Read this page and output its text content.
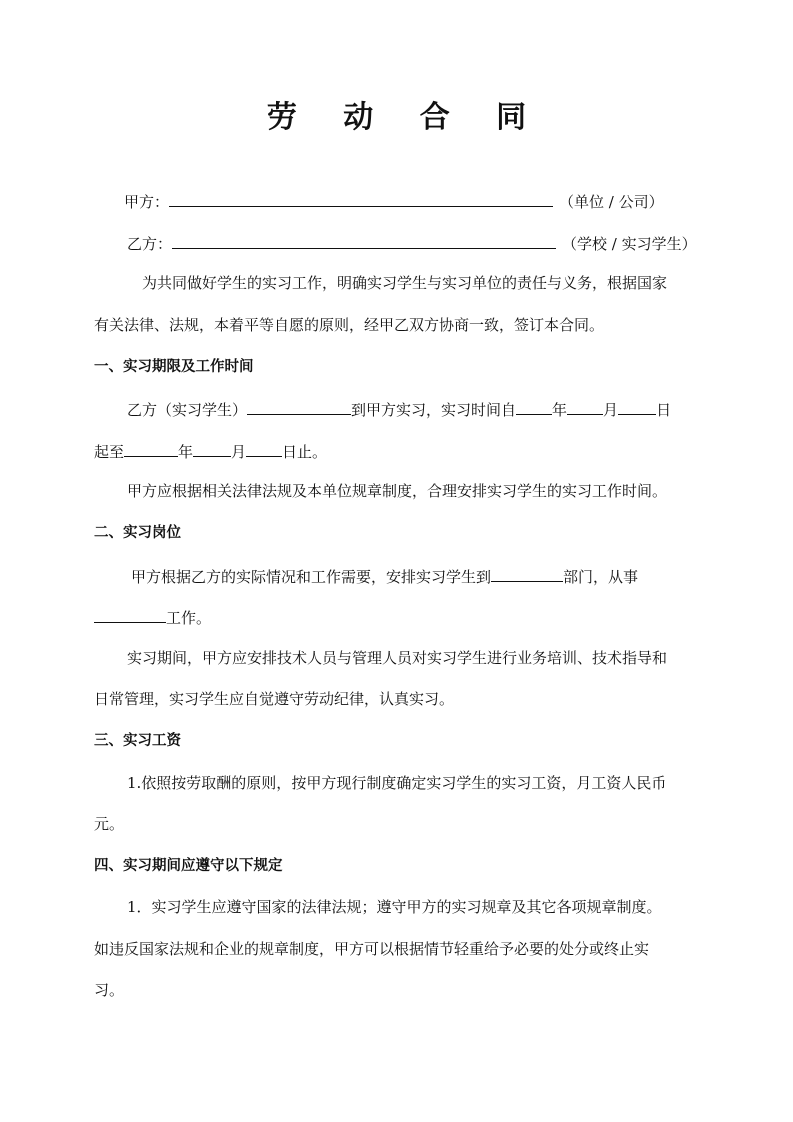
劳 动 合 同
甲方：	（单位 / 公司）
乙方：	（学校 / 实习学生）
为共同做好学生的实习工作，明确实习学生与实习单位的责任与义务，根据国家
有关法律、法规，本着平等自愿的原则，经甲乙双方协商一致，签订本合同。
一、实习期限及工作时间
乙方（实习学生）	到甲方实习，实习时间自 年 月	日
起至	年	月 日止。
甲方应根据相关法律法规及本单位规章制度，合理安排实习学生的实习工作时间。
二、实习岗位
甲方根据乙方的实际情况和工作需要，安排实习学生到	部门，从事
工作。
实习期间，甲方应安排技术人员与管理人员对实习学生进行业务培训、技术指导和
日常管理，实习学生应自觉遵守劳动纪律，认真实习。
三、实习工资
1.依照按劳取酬的原则，按甲方现行制度确定实习学生的实习工资，月工资人民币
元。
四、实习期间应遵守以下规定
1．实习学生应遵守国家的法律法规；遵守甲方的实习规章及其它各项规章制度。
如违反国家法规和企业的规章制度，甲方可以根据情节轻重给予必要的处分或终止实
习。
